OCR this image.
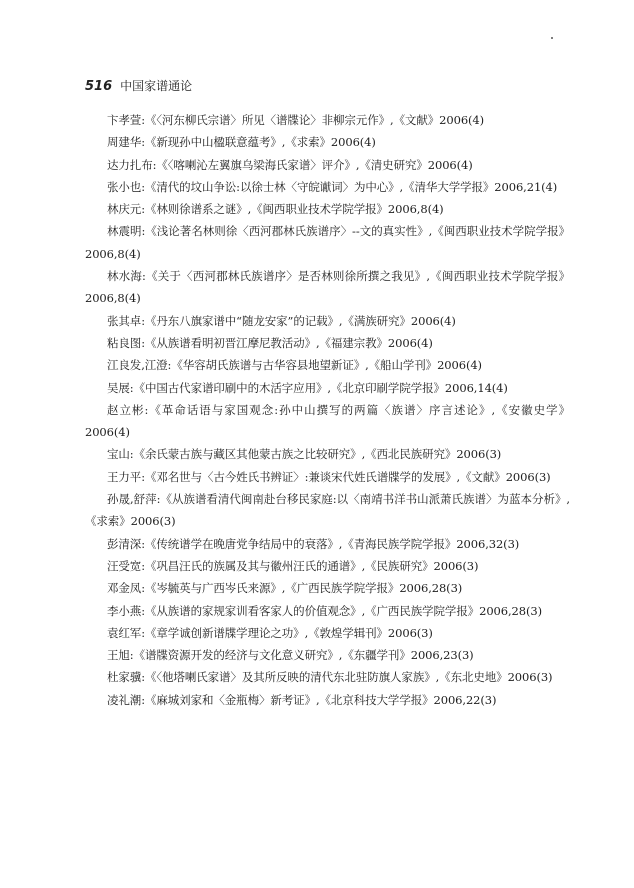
516 中国家谱通论

卞孝萱:《〈河东柳氏宗谱〉所见〈谱牒论〉非柳宗元作》,《文献》2006(4)

周建华:《新现孙中山楹联意蕴考》,《求索》2006(4)

达力扎布:《〈喀喇沁左翼旗乌梁海氏家谱〉评介》,《清史研究》2006(4)

张小也:《清代的坟山争讼:以徐士林〈守皖谳词〉为中心》,《清华大学学报》2006,21(4)

林庆元:《林则徐谱系之谜》,《闽西职业技术学院学报》2006,8(4)

林震明:《浅论著名林则徐〈西河郡林氏族谱序〉--文的真实性》,《闽西职业技术学院学报》2006,8(4)

林水海:《关于〈西河郡林氏族谱序〉是否林则徐所撰之我见》,《闽西职业技术学院学报》2006,8(4)

张其卓:《丹东八旗家谱中“随龙安家”的记载》,《满族研究》2006(4)

粘良图:《从族谱看明初晋江摩尼教活动》,《福建宗教》2006(4)

江良发,江澄:《华容胡氏族谱与古华容县地望新证》,《船山学刊》2006(4)

吴展:《中国古代家谱印刷中的木活字应用》,《北京印刷学院学报》2006,14(4)

赵立彬:《革命话语与家国观念:孙中山撰写的两篇〈族谱〉序言述论》,《安徽史学》2006(4)

宝山:《余氏蒙古族与藏区其他蒙古族之比较研究》,《西北民族研究》2006(3)

王力平:《邓名世与〈古今姓氏书辨证〉:兼谈宋代姓氏谱牒学的发展》,《文献》2006(3)

孙晟,舒萍:《从族谱看清代闽南赴台移民家庭:以〈南靖书洋书山派萧氏族谱〉为蓝本分析》,《求索》2006(3)

彭清深:《传统谱学在晚唐党争结局中的衰落》,《青海民族学院学报》2006,32(3)

汪受宽:《巩昌汪氏的族属及其与徽州汪氏的通谱》,《民族研究》2006(3)

邓金凤:《岑毓英与广西岑氏来源》,《广西民族学院学报》2006,28(3)

李小燕:《从族谱的家规家训看客家人的价值观念》,《广西民族学院学报》2006,28(3)

袁红军:《章学诚创新谱牒学理论之功》,《敦煌学辑刊》2006(3)

王旭:《谱牒资源开发的经济与文化意义研究》,《东疆学刊》2006,23(3)

杜家骥:《〈他塔喇氏家谱〉及其所反映的清代东北驻防旗人家族》,《东北史地》2006(3)

凌礼潮:《麻城刘家和〈金瓶梅〉新考证》,《北京科技大学学报》2006,22(3)
